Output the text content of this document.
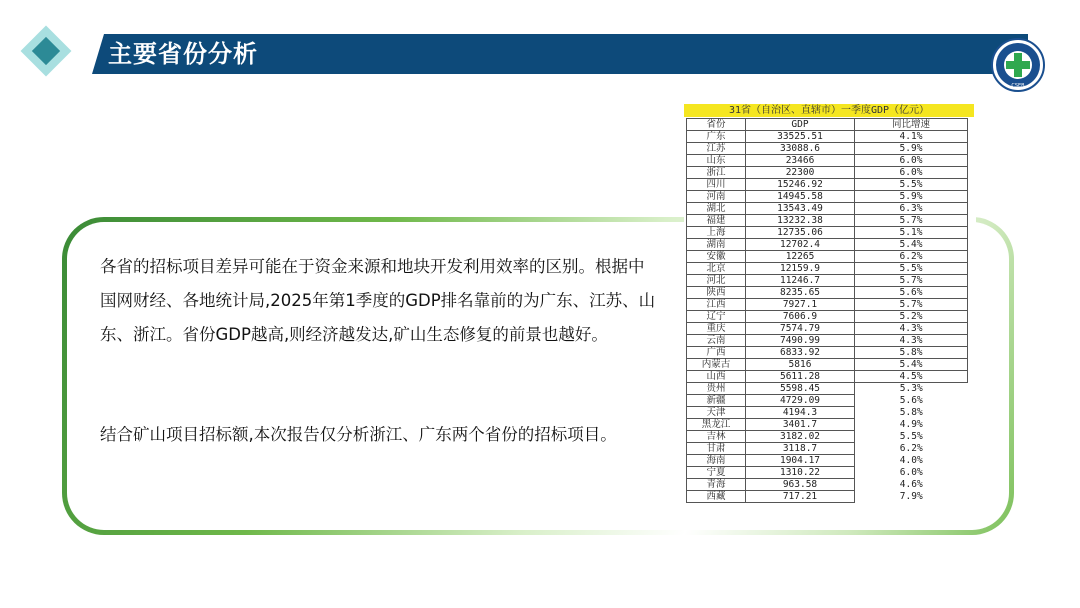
主要省份分析
CSEB
各省的招标项目差异可能在于资金来源和地块开发利用效率的区别。根据中国网财经、各地统计局,2025年第1季度的GDP排名靠前的为广东、江苏、山东、浙江。省份GDP越高,则经济越发达,矿山生态修复的前景也越好。
结合矿山项目招标额,本次报告仅分析浙江、广东两个省份的招标项目。
31省（自治区、直辖市）一季度GDP（亿元）
省份	GDP	同比增速
广东	33525.51	4.1%
江苏	33088.6	5.9%
山东	23466	6.0%
浙江	22300	6.0%
四川	15246.92	5.5%
河南	14945.58	5.9%
湖北	13543.49	6.3%
福建	13232.38	5.7%
上海	12735.06	5.1%
湖南	12702.4	5.4%
安徽	12265	6.2%
北京	12159.9	5.5%
河北	11246.7	5.7%
陕西	8235.65	5.6%
江西	7927.1	5.7%
辽宁	7606.9	5.2%
重庆	7574.79	4.3%
云南	7490.99	4.3%
广西	6833.92	5.8%
内蒙古	5816	5.4%
山西	5611.28	4.5%
贵州	5598.45	5.3%
新疆	4729.09	5.6%
天津	4194.3	5.8%
黑龙江	3401.7	4.9%
吉林	3182.02	5.5%
甘肃	3118.7	6.2%
海南	1904.17	4.0%
宁夏	1310.22	6.0%
青海	963.58	4.6%
西藏	717.21	7.9%
